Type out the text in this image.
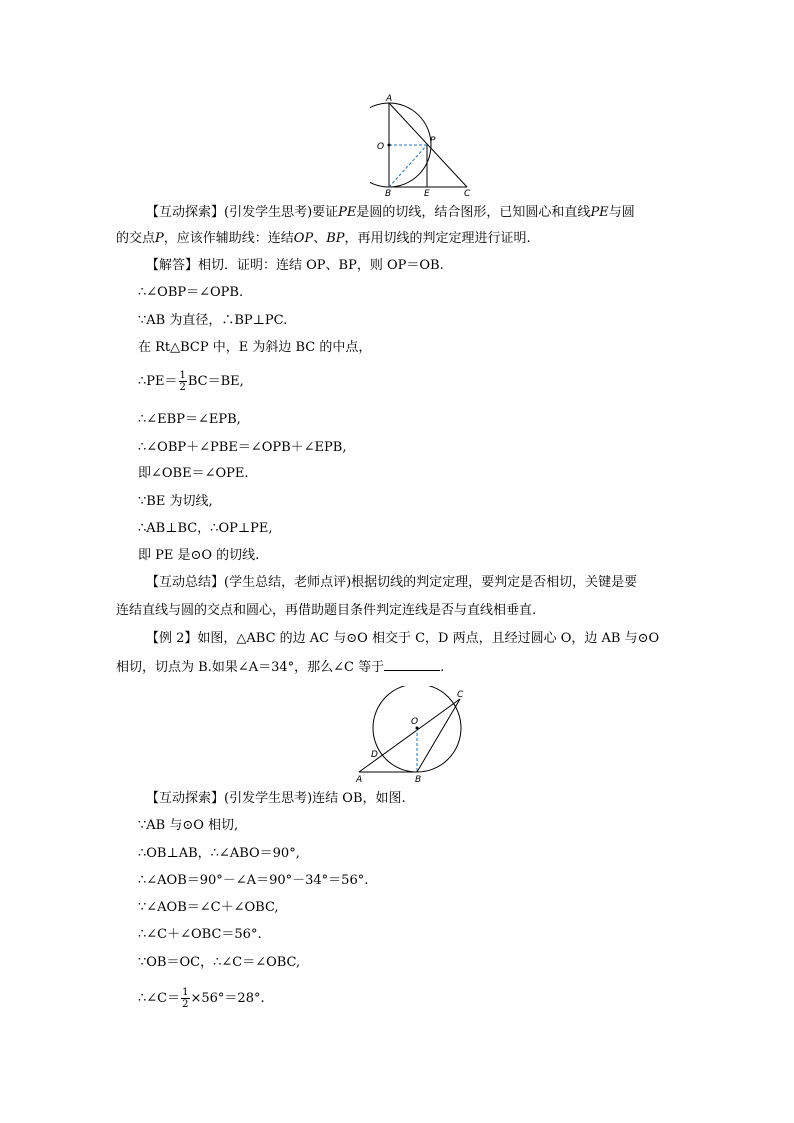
A
O
P
B	E	C
【互动探索】(引发学生思考)要证PE是圆的切线，结合图形，已知圆心和直线PE与圆
的交点P，应该作辅助线：连结OP、BP，再用切线的判定定理进行证明.
【解答】相切．证明：连结 OP、BP，则 OP＝OB.
∴∠OBP＝∠OPB.
∵AB 为直径，∴BP⊥PC.
在 Rt△BCP 中，E 为斜边 BC 的中点，
∴PE＝ $\frac{1}{2} BC=BE$,
∴∠EBP＝∠EPB,
∴∠OBP＋∠PBE＝∠OPB＋∠EPB,
即∠OBE＝∠OPE.
∵BE 为切线,
∴AB⊥BC，∴OP⊥PE,
即 PE 是⊙O 的切线.
【互动总结】(学生总结，老师点评)根据切线的判定定理，要判定是否相切，关键是要
连结直线与圆的交点和圆心，再借助题目条件判定连线是否与直线相垂直.
【例 2】如图，△ABC 的边 AC 与⊙O 相交于 C，D 两点，且经过圆心 O，边 AB 与⊙O
相切，切点为 B.如果∠A＝34°，那么∠C 等于	.
C
O
D
A	B
【互动探索】(引发学生思考)连结 OB，如图.
∵AB 与⊙O 相切,
∴OB⊥AB，∴∠ABO＝90°,
∴∠AOB＝90°－∠A＝90°－34°＝56°.
∵∠AOB＝∠C＋∠OBC,
∴∠C＋∠OBC＝56°.
∵OB＝OC，∴∠C＝∠OBC,
∴∠C＝ $\frac{1}{2} \times 56^\circ=28^\circ$.
